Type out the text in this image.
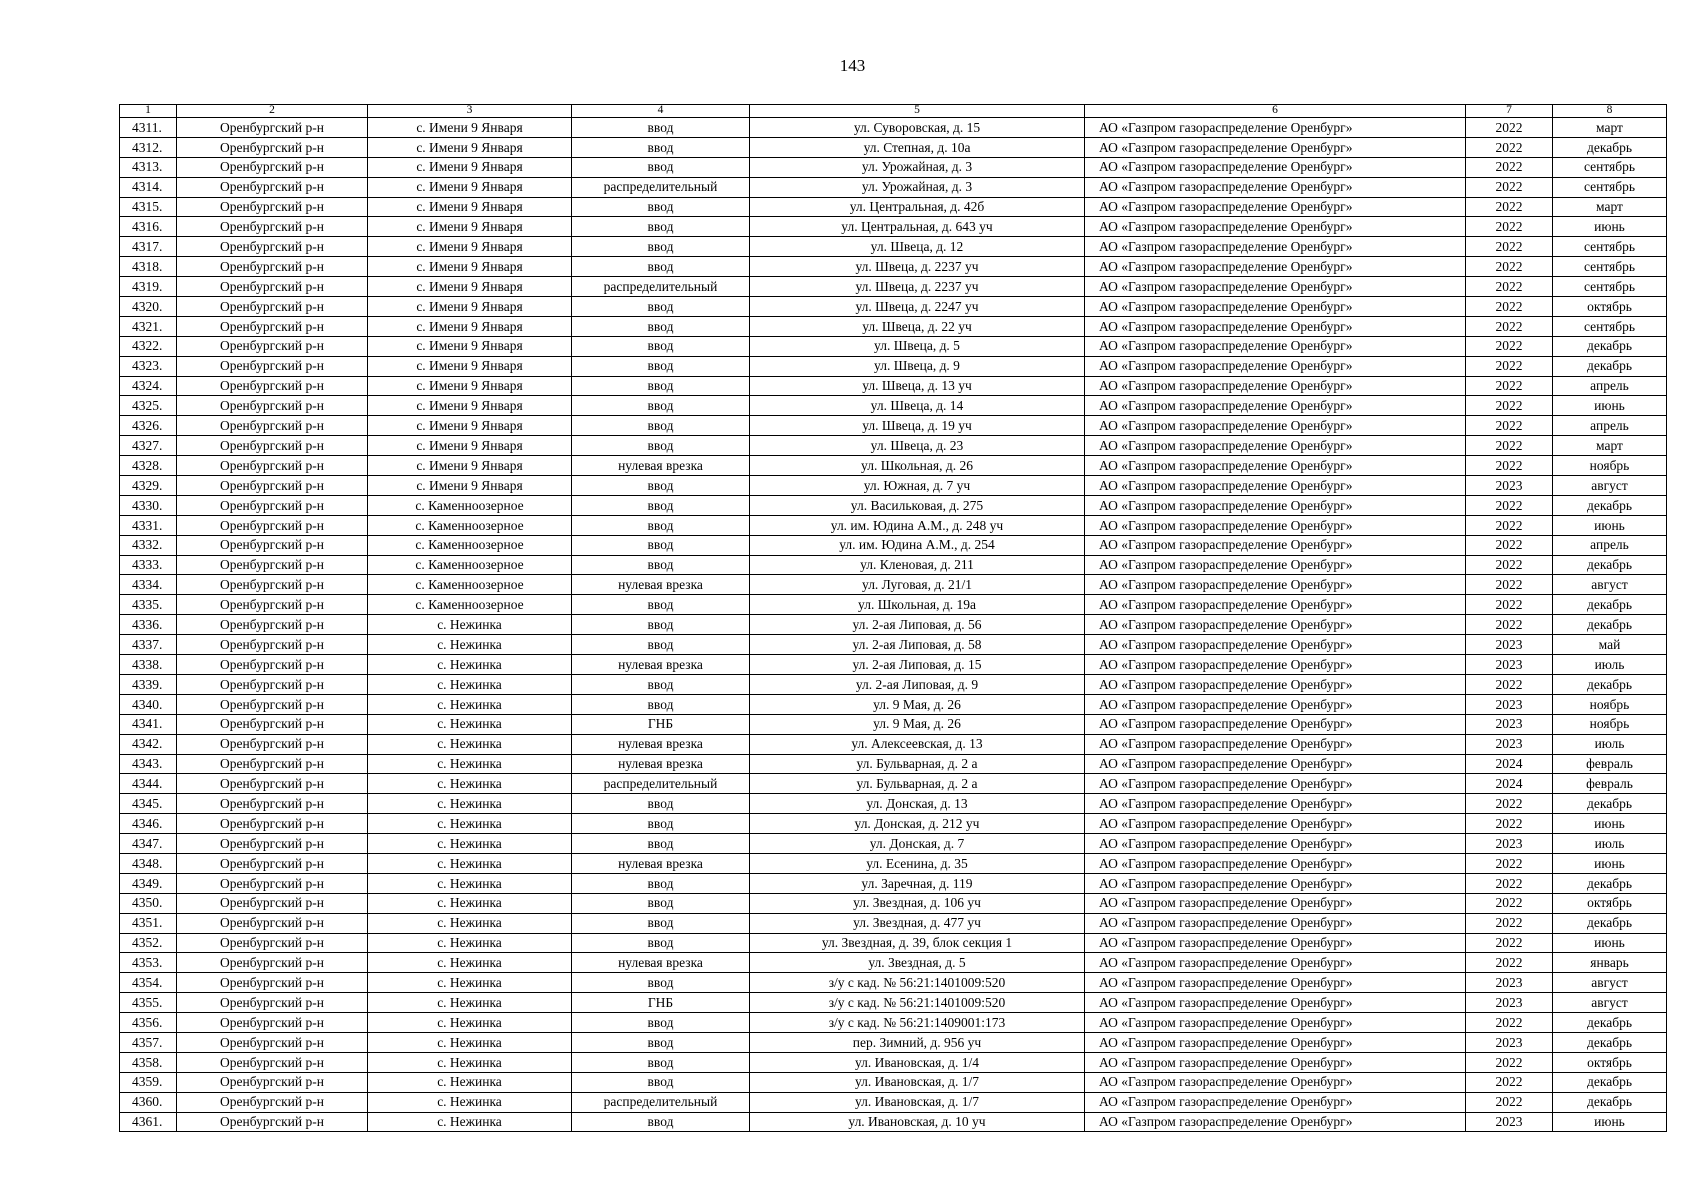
143
1	2	3	4	5	6	7	8
4311.	Оренбургский р-н	с. Имени 9 Января	ввод	ул. Суворовская, д. 15	АО «Газпром газораспределение Оренбург»	2022	март
4312.	Оренбургский р-н	с. Имени 9 Января	ввод	ул. Степная, д. 10а	АО «Газпром газораспределение Оренбург»	2022	декабрь
4313.	Оренбургский р-н	с. Имени 9 Января	ввод	ул. Урожайная, д. 3	АО «Газпром газораспределение Оренбург»	2022	сентябрь
4314.	Оренбургский р-н	с. Имени 9 Января	распределительный	ул. Урожайная, д. 3	АО «Газпром газораспределение Оренбург»	2022	сентябрь
4315.	Оренбургский р-н	с. Имени 9 Января	ввод	ул. Центральная, д. 42б	АО «Газпром газораспределение Оренбург»	2022	март
4316.	Оренбургский р-н	с. Имени 9 Января	ввод	ул. Центральная, д. 643 уч	АО «Газпром газораспределение Оренбург»	2022	июнь
4317.	Оренбургский р-н	с. Имени 9 Января	ввод	ул. Швеца, д. 12	АО «Газпром газораспределение Оренбург»	2022	сентябрь
4318.	Оренбургский р-н	с. Имени 9 Января	ввод	ул. Швеца, д. 2237 уч	АО «Газпром газораспределение Оренбург»	2022	сентябрь
4319.	Оренбургский р-н	с. Имени 9 Января	распределительный	ул. Швеца, д. 2237 уч	АО «Газпром газораспределение Оренбург»	2022	сентябрь
4320.	Оренбургский р-н	с. Имени 9 Января	ввод	ул. Швеца, д. 2247 уч	АО «Газпром газораспределение Оренбург»	2022	октябрь
4321.	Оренбургский р-н	с. Имени 9 Января	ввод	ул. Швеца, д. 22 уч	АО «Газпром газораспределение Оренбург»	2022	сентябрь
4322.	Оренбургский р-н	с. Имени 9 Января	ввод	ул. Швеца, д. 5	АО «Газпром газораспределение Оренбург»	2022	декабрь
4323.	Оренбургский р-н	с. Имени 9 Января	ввод	ул. Швеца, д. 9	АО «Газпром газораспределение Оренбург»	2022	декабрь
4324.	Оренбургский р-н	с. Имени 9 Января	ввод	ул. Швеца, д. 13 уч	АО «Газпром газораспределение Оренбург»	2022	апрель
4325.	Оренбургский р-н	с. Имени 9 Января	ввод	ул. Швеца, д. 14	АО «Газпром газораспределение Оренбург»	2022	июнь
4326.	Оренбургский р-н	с. Имени 9 Января	ввод	ул. Швеца, д. 19 уч	АО «Газпром газораспределение Оренбург»	2022	апрель
4327.	Оренбургский р-н	с. Имени 9 Января	ввод	ул. Швеца, д. 23	АО «Газпром газораспределение Оренбург»	2022	март
4328.	Оренбургский р-н	с. Имени 9 Января	нулевая врезка	ул. Школьная, д. 26	АО «Газпром газораспределение Оренбург»	2022	ноябрь
4329.	Оренбургский р-н	с. Имени 9 Января	ввод	ул. Южная, д. 7 уч	АО «Газпром газораспределение Оренбург»	2023	август
4330.	Оренбургский р-н	с. Каменноозерное	ввод	ул. Васильковая, д. 275	АО «Газпром газораспределение Оренбург»	2022	декабрь
4331.	Оренбургский р-н	с. Каменноозерное	ввод	ул. им. Юдина А.М., д. 248 уч	АО «Газпром газораспределение Оренбург»	2022	июнь
4332.	Оренбургский р-н	с. Каменноозерное	ввод	ул. им. Юдина А.М., д. 254	АО «Газпром газораспределение Оренбург»	2022	апрель
4333.	Оренбургский р-н	с. Каменноозерное	ввод	ул. Кленовая, д. 211	АО «Газпром газораспределение Оренбург»	2022	декабрь
4334.	Оренбургский р-н	с. Каменноозерное	нулевая врезка	ул. Луговая, д. 21/1	АО «Газпром газораспределение Оренбург»	2022	август
4335.	Оренбургский р-н	с. Каменноозерное	ввод	ул. Школьная, д. 19а	АО «Газпром газораспределение Оренбург»	2022	декабрь
4336.	Оренбургский р-н	с. Нежинка	ввод	ул. 2-ая Липовая, д. 56	АО «Газпром газораспределение Оренбург»	2022	декабрь
4337.	Оренбургский р-н	с. Нежинка	ввод	ул. 2-ая Липовая, д. 58	АО «Газпром газораспределение Оренбург»	2023	май
4338.	Оренбургский р-н	с. Нежинка	нулевая врезка	ул. 2-ая Липовая, д. 15	АО «Газпром газораспределение Оренбург»	2023	июль
4339.	Оренбургский р-н	с. Нежинка	ввод	ул. 2-ая Липовая, д. 9	АО «Газпром газораспределение Оренбург»	2022	декабрь
4340.	Оренбургский р-н	с. Нежинка	ввод	ул. 9 Мая, д. 26	АО «Газпром газораспределение Оренбург»	2023	ноябрь
4341.	Оренбургский р-н	с. Нежинка	ГНБ	ул. 9 Мая, д. 26	АО «Газпром газораспределение Оренбург»	2023	ноябрь
4342.	Оренбургский р-н	с. Нежинка	нулевая врезка	ул. Алексеевская, д. 13	АО «Газпром газораспределение Оренбург»	2023	июль
4343.	Оренбургский р-н	с. Нежинка	нулевая врезка	ул. Бульварная, д. 2 а	АО «Газпром газораспределение Оренбург»	2024	февраль
4344.	Оренбургский р-н	с. Нежинка	распределительный	ул. Бульварная, д. 2 а	АО «Газпром газораспределение Оренбург»	2024	февраль
4345.	Оренбургский р-н	с. Нежинка	ввод	ул. Донская, д. 13	АО «Газпром газораспределение Оренбург»	2022	декабрь
4346.	Оренбургский р-н	с. Нежинка	ввод	ул. Донская, д. 212 уч	АО «Газпром газораспределение Оренбург»	2022	июнь
4347.	Оренбургский р-н	с. Нежинка	ввод	ул. Донская, д. 7	АО «Газпром газораспределение Оренбург»	2023	июль
4348.	Оренбургский р-н	с. Нежинка	нулевая врезка	ул. Есенина, д. 35	АО «Газпром газораспределение Оренбург»	2022	июнь
4349.	Оренбургский р-н	с. Нежинка	ввод	ул. Заречная, д. 119	АО «Газпром газораспределение Оренбург»	2022	декабрь
4350.	Оренбургский р-н	с. Нежинка	ввод	ул. Звездная, д. 106 уч	АО «Газпром газораспределение Оренбург»	2022	октябрь
4351.	Оренбургский р-н	с. Нежинка	ввод	ул. Звездная, д. 477 уч	АО «Газпром газораспределение Оренбург»	2022	декабрь
4352.	Оренбургский р-н	с. Нежинка	ввод	ул. Звездная, д. 39, блок секция 1	АО «Газпром газораспределение Оренбург»	2022	июнь
4353.	Оренбургский р-н	с. Нежинка	нулевая врезка	ул. Звездная, д. 5	АО «Газпром газораспределение Оренбург»	2022	январь
4354.	Оренбургский р-н	с. Нежинка	ввод	з/у с кад. № 56:21:1401009:520	АО «Газпром газораспределение Оренбург»	2023	август
4355.	Оренбургский р-н	с. Нежинка	ГНБ	з/у с кад. № 56:21:1401009:520	АО «Газпром газораспределение Оренбург»	2023	август
4356.	Оренбургский р-н	с. Нежинка	ввод	з/у с кад. № 56:21:1409001:173	АО «Газпром газораспределение Оренбург»	2022	декабрь
4357.	Оренбургский р-н	с. Нежинка	ввод	пер. Зимний, д. 956 уч	АО «Газпром газораспределение Оренбург»	2023	декабрь
4358.	Оренбургский р-н	с. Нежинка	ввод	ул. Ивановская, д. 1/4	АО «Газпром газораспределение Оренбург»	2022	октябрь
4359.	Оренбургский р-н	с. Нежинка	ввод	ул. Ивановская, д. 1/7	АО «Газпром газораспределение Оренбург»	2022	декабрь
4360.	Оренбургский р-н	с. Нежинка	распределительный	ул. Ивановская, д. 1/7	АО «Газпром газораспределение Оренбург»	2022	декабрь
4361.	Оренбургский р-н	с. Нежинка	ввод	ул. Ивановская, д. 10 уч	АО «Газпром газораспределение Оренбург»	2023	июнь
